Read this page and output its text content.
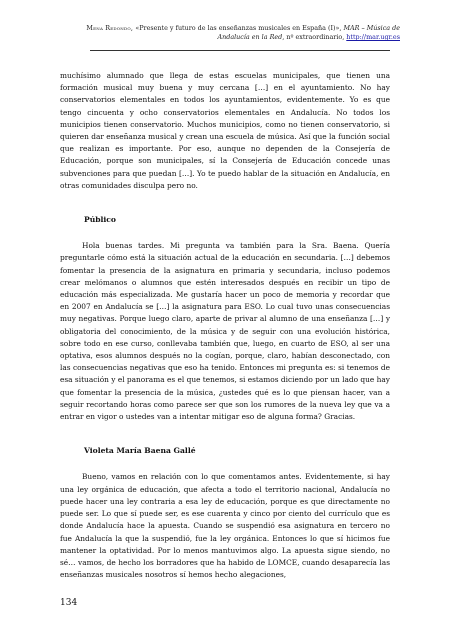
Mena Redondo, «Presente y futuro de las enseñanzas musicales en España (I)», MAR – Música de Andalucía en la Red, nº extraordinario, http://mar.ugr.es

muchísimo alumnado que llega de estas escuelas municipales, que tienen una formación musical muy buena y muy cercana […] en el ayuntamiento. No hay conservatorios elementales en todos los ayuntamientos, evidentemente. Yo es que tengo cincuenta y ocho conservatorios elementales en Andalucía. No todos los municipios tienen conservatorio. Muchos municipios, como no tienen conservatorio, si quieren dar enseñanza musical y crean una escuela de música. Así que la función social que realizan es importante. Por eso, aunque no dependen de la Consejería de Educación, porque son municipales, sí la Consejería de Educación concede unas subvenciones para que puedan […]. Yo te puedo hablar de la situación en Andalucía, en otras comunidades disculpa pero no.

Público

Hola buenas tardes. Mi pregunta va también para la Sra. Baena. Quería preguntarle cómo está la situación actual de la educación en secundaria. […] debemos fomentar la presencia de la asignatura en primaria y secundaria, incluso podemos crear melómanos o alumnos que estén interesados después en recibir un tipo de educación más especializada. Me gustaría hacer un poco de memoria y recordar que en 2007 en Andalucía se […] la asignatura para ESO. Lo cual tuvo unas consecuencias muy negativas. Porque luego claro, aparte de privar al alumno de una enseñanza […] y obligatoria del conocimiento, de la música y de seguir con una evolución histórica, sobre todo en ese curso, conllevaba también que, luego, en cuarto de ESO, al ser una optativa, esos alumnos después no la cogían, porque, claro, habían desconectado, con las consecuencias negativas que eso ha tenido. Entonces mi pregunta es: si tenemos de esa situación y el panorama es el que tenemos, si estamos diciendo por un lado que hay que fomentar la presencia de la música, ¿ustedes qué es lo que piensan hacer, van a seguir recortando horas como parece ser que son los rumores de la nueva ley que va a entrar en vigor o ustedes van a intentar mitigar eso de alguna forma? Gracias.

Violeta María Baena Gallé

Bueno, vamos en relación con lo que comentamos antes. Evidentemente, si hay una ley orgánica de educación, que afecta a todo el territorio nacional, Andalucía no puede hacer una ley contraria a esa ley de educación, porque es que directamente no puede ser. Lo que sí puede ser, es ese cuarenta y cinco por ciento del currículo que es donde Andalucía hace la apuesta. Cuando se suspendió esa asignatura en tercero no fue Andalucía la que la suspendió, fue la ley orgánica. Entonces lo que sí hicimos fue mantener la optatividad. Por lo menos mantuvimos algo. La apuesta sigue siendo, no sé… vamos, de hecho los borradores que ha habido de LOMCE, cuando desaparecía las enseñanzas musicales nosotros sí hemos hecho alegaciones,

134
